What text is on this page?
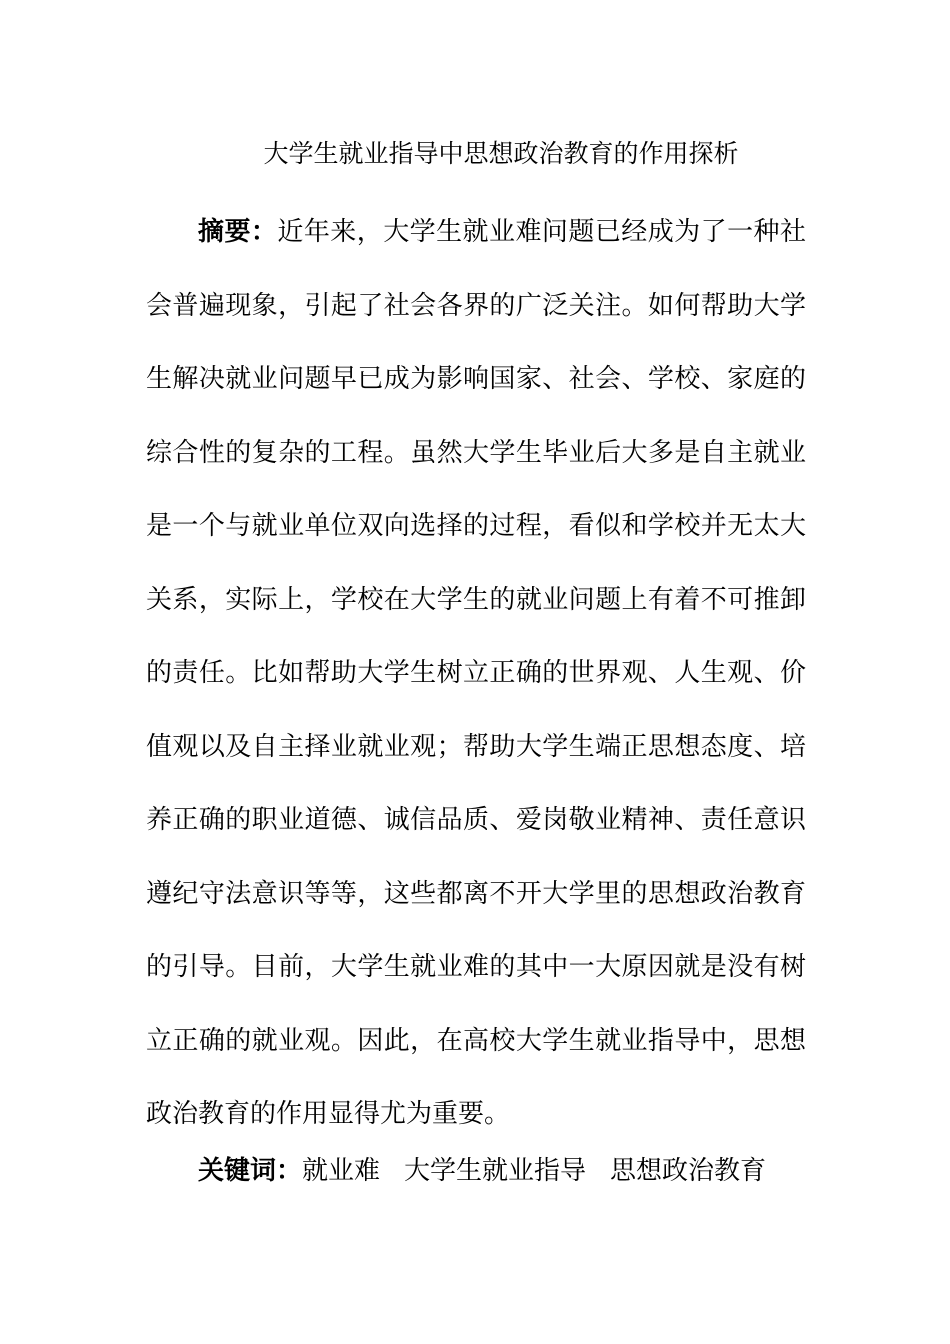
大学生就业指导中思想政治教育的作用探析

摘要：近年来，大学生就业难问题已经成为了一种社会普遍现象，引起了社会各界的广泛关注。如何帮助大学生解决就业问题早已成为影响国家、社会、学校、家庭的综合性的复杂的工程。虽然大学生毕业后大多是自主就业是一个与就业单位双向选择的过程，看似和学校并无太大关系，实际上，学校在大学生的就业问题上有着不可推卸的责任。比如帮助大学生树立正确的世界观、人生观、价值观以及自主择业就业观；帮助大学生端正思想态度、培养正确的职业道德、诚信品质、爱岗敬业精神、责任意识遵纪守法意识等等，这些都离不开大学里的思想政治教育的引导。目前，大学生就业难的其中一大原因就是没有树立正确的就业观。因此，在高校大学生就业指导中，思想政治教育的作用显得尤为重要。

关键词：就业难 大学生就业指导 思想政治教育
